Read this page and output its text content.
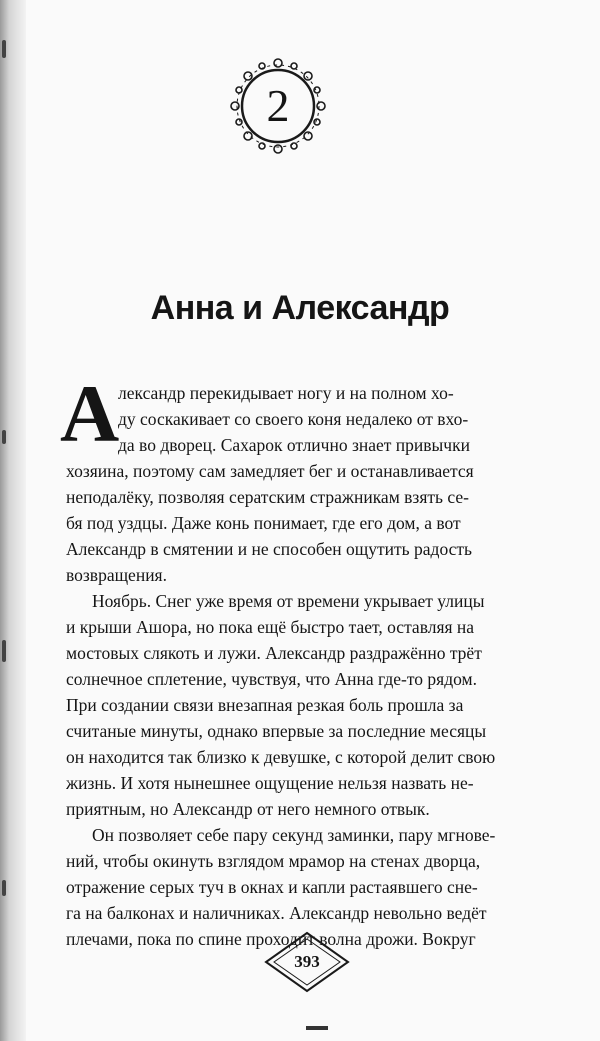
2
Анна и Александр
А
лександр перекидывает ногу и на полном хо-
ду соскакивает со своего коня недалеко от вхо-
да во дворец. Сахарок отлично знает привычки
хозяина, поэтому сам замедляет бег и останавливается
неподалёку, позволяя сератским стражникам взять се-
бя под уздцы. Даже конь понимает, где его дом, а вот
Александр в смятении и не способен ощутить радость
возвращения.
Ноябрь. Снег уже время от времени укрывает улицы
и крыши Ашора, но пока ещё быстро тает, оставляя на
мостовых слякоть и лужи. Александр раздражённо трёт
солнечное сплетение, чувствуя, что Анна где-то рядом.
При создании связи внезапная резкая боль прошла за
считаные минуты, однако впервые за последние месяцы
он находится так близко к девушке, с которой делит свою
жизнь. И хотя нынешнее ощущение нельзя назвать не-
приятным, но Александр от него немного отвык.
Он позволяет себе пару секунд заминки, пару мгнове-
ний, чтобы окинуть взглядом мрамор на стенах дворца,
отражение серых туч в окнах и капли растаявшего сне-
га на балконах и наличниках. Александр невольно ведёт
плечами, пока по спине проходит волна дрожи. Вокруг
393
